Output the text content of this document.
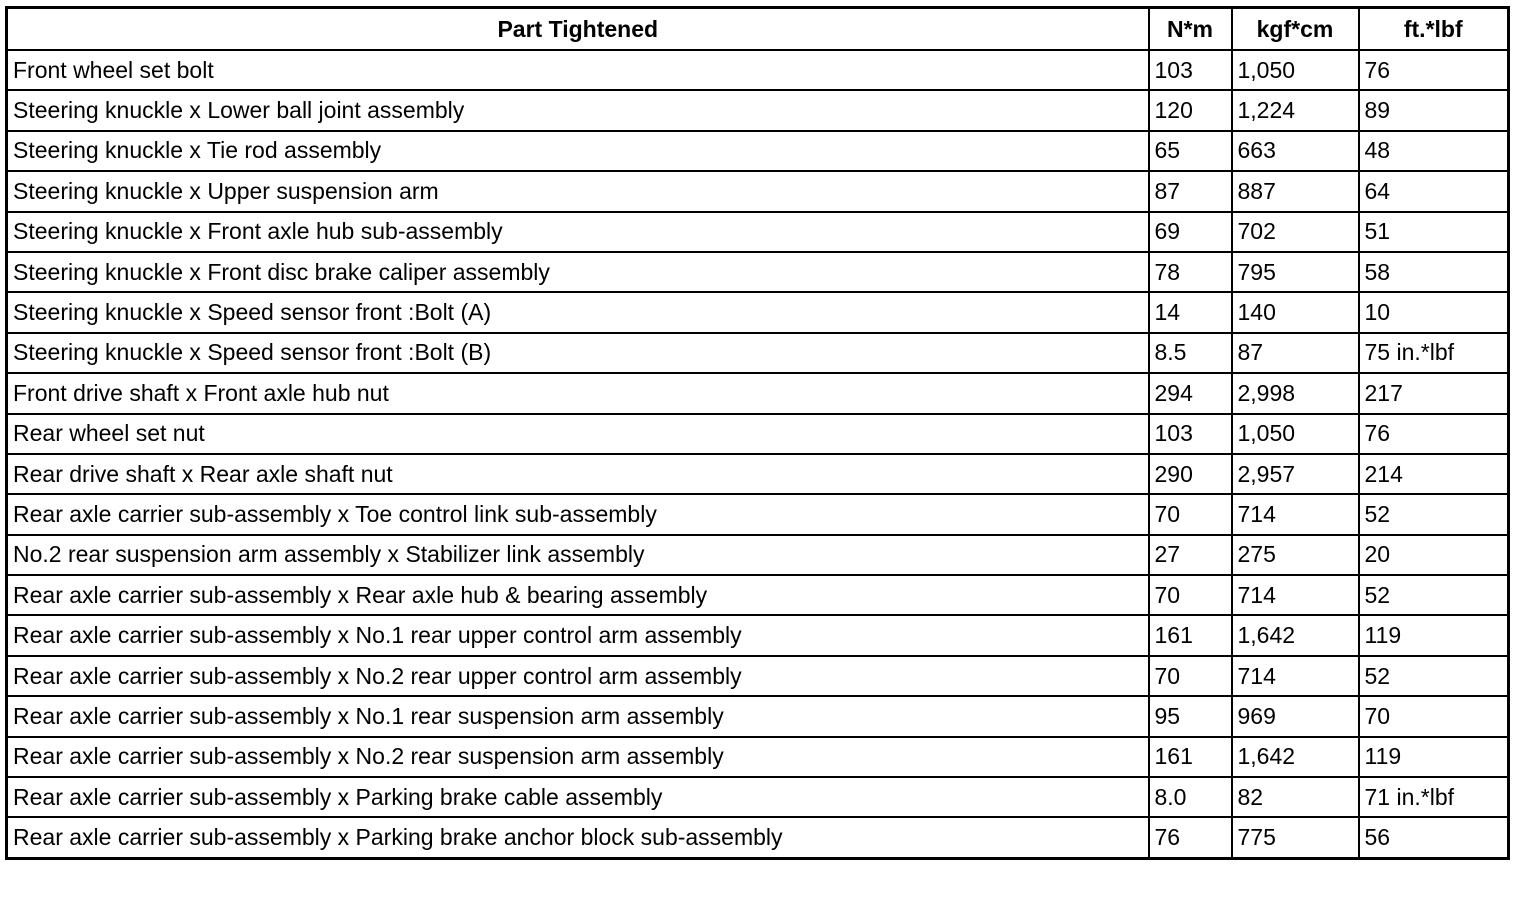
Part Tightened	N*m	kgf*cm	ft.*lbf
Front wheel set bolt	103	1,050	76
Steering knuckle x Lower ball joint assembly	120	1,224	89
Steering knuckle x Tie rod assembly	65	663	48
Steering knuckle x Upper suspension arm	87	887	64
Steering knuckle x Front axle hub sub-assembly	69	702	51
Steering knuckle x Front disc brake caliper assembly	78	795	58
Steering knuckle x Speed sensor front :Bolt (A)	14	140	10
Steering knuckle x Speed sensor front :Bolt (B)	8.5	87	75 in.*lbf
Front drive shaft x Front axle hub nut	294	2,998	217
Rear wheel set nut	103	1,050	76
Rear drive shaft x Rear axle shaft nut	290	2,957	214
Rear axle carrier sub-assembly x Toe control link sub-assembly	70	714	52
No.2 rear suspension arm assembly x Stabilizer link assembly	27	275	20
Rear axle carrier sub-assembly x Rear axle hub & bearing assembly	70	714	52
Rear axle carrier sub-assembly x No.1 rear upper control arm assembly	161	1,642	119
Rear axle carrier sub-assembly x No.2 rear upper control arm assembly	70	714	52
Rear axle carrier sub-assembly x No.1 rear suspension arm assembly	95	969	70
Rear axle carrier sub-assembly x No.2 rear suspension arm assembly	161	1,642	119
Rear axle carrier sub-assembly x Parking brake cable assembly	8.0	82	71 in.*lbf
Rear axle carrier sub-assembly x Parking brake anchor block sub-assembly	76	775	56
